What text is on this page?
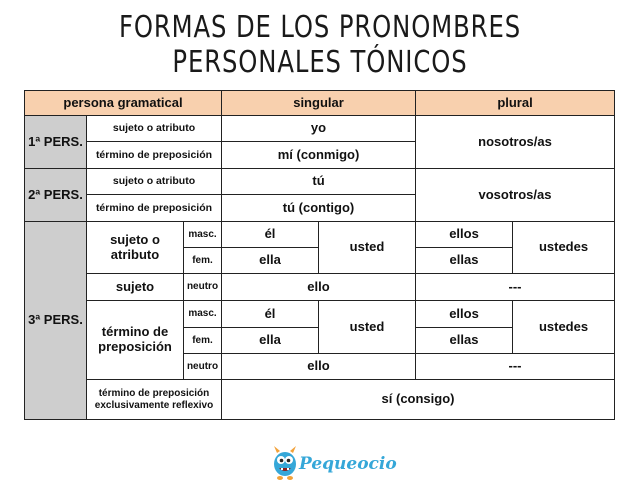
FORMAS DE LOS PRONOMBRES PERSONALES TÓNICOS
persona gramatical			singular		plural	
1ª PERS.	sujeto o atributo		yo		nosotros/as	
	término de preposición		mí (conmigo)			
2ª PERS.	sujeto o atributo		tú		vosotros/as	
	término de preposición		tú (contigo)			
3ª PERS.	sujeto o atributo	masc.	él	usted	ellos	ustedes
		fem.	ella		ellas	
	sujeto	neutro	ello		---	
	término de preposición	masc.	él	usted	ellos	ustedes
		fem.	ella		ellas	
		neutro	ello		---	
	término de preposición exclusivamente reflexivo		sí (consigo)			
Pequeocio
